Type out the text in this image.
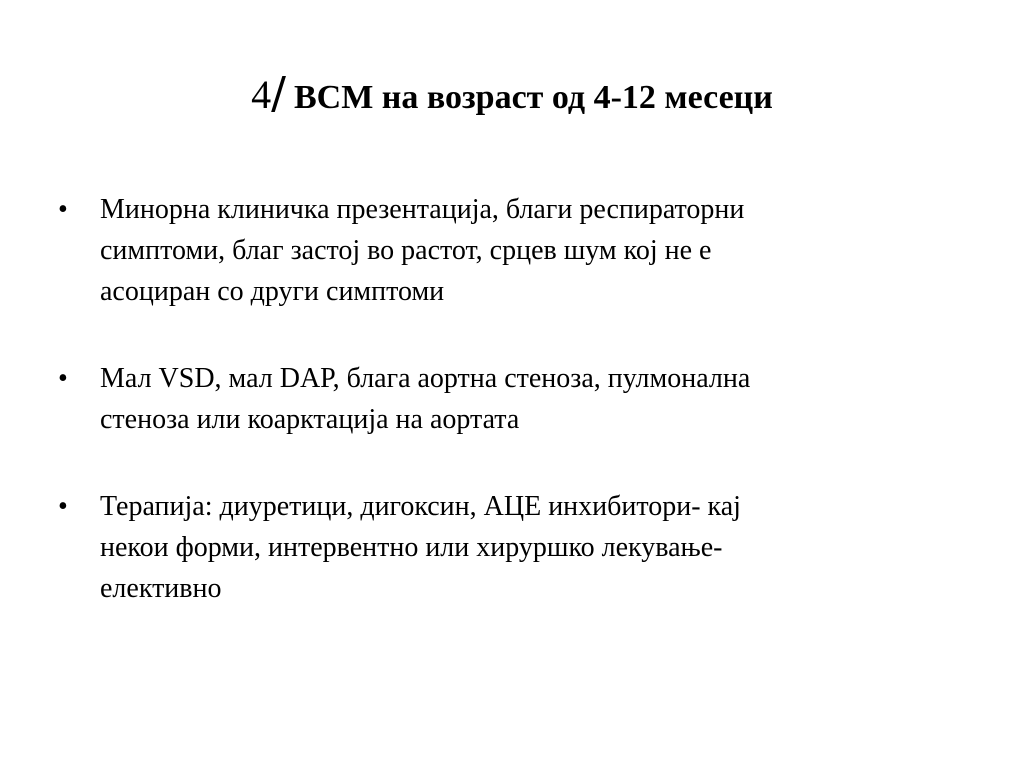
4/ ВСМ на возраст од 4-12 месеци
•	Минорна клиничка презентација, благи респираторни
симптоми, благ застој во растот, срцев шум кој не е
асоциран со други симптоми
•	Мал VSD, мал DAP, блага аортна стеноза, пулмонална
стеноза или коарктација на аортата
•	Терапија: диуретици, дигоксин, АЦЕ инхибитори- кај
некои форми, интервентно или хируршко лекување-
елективно
